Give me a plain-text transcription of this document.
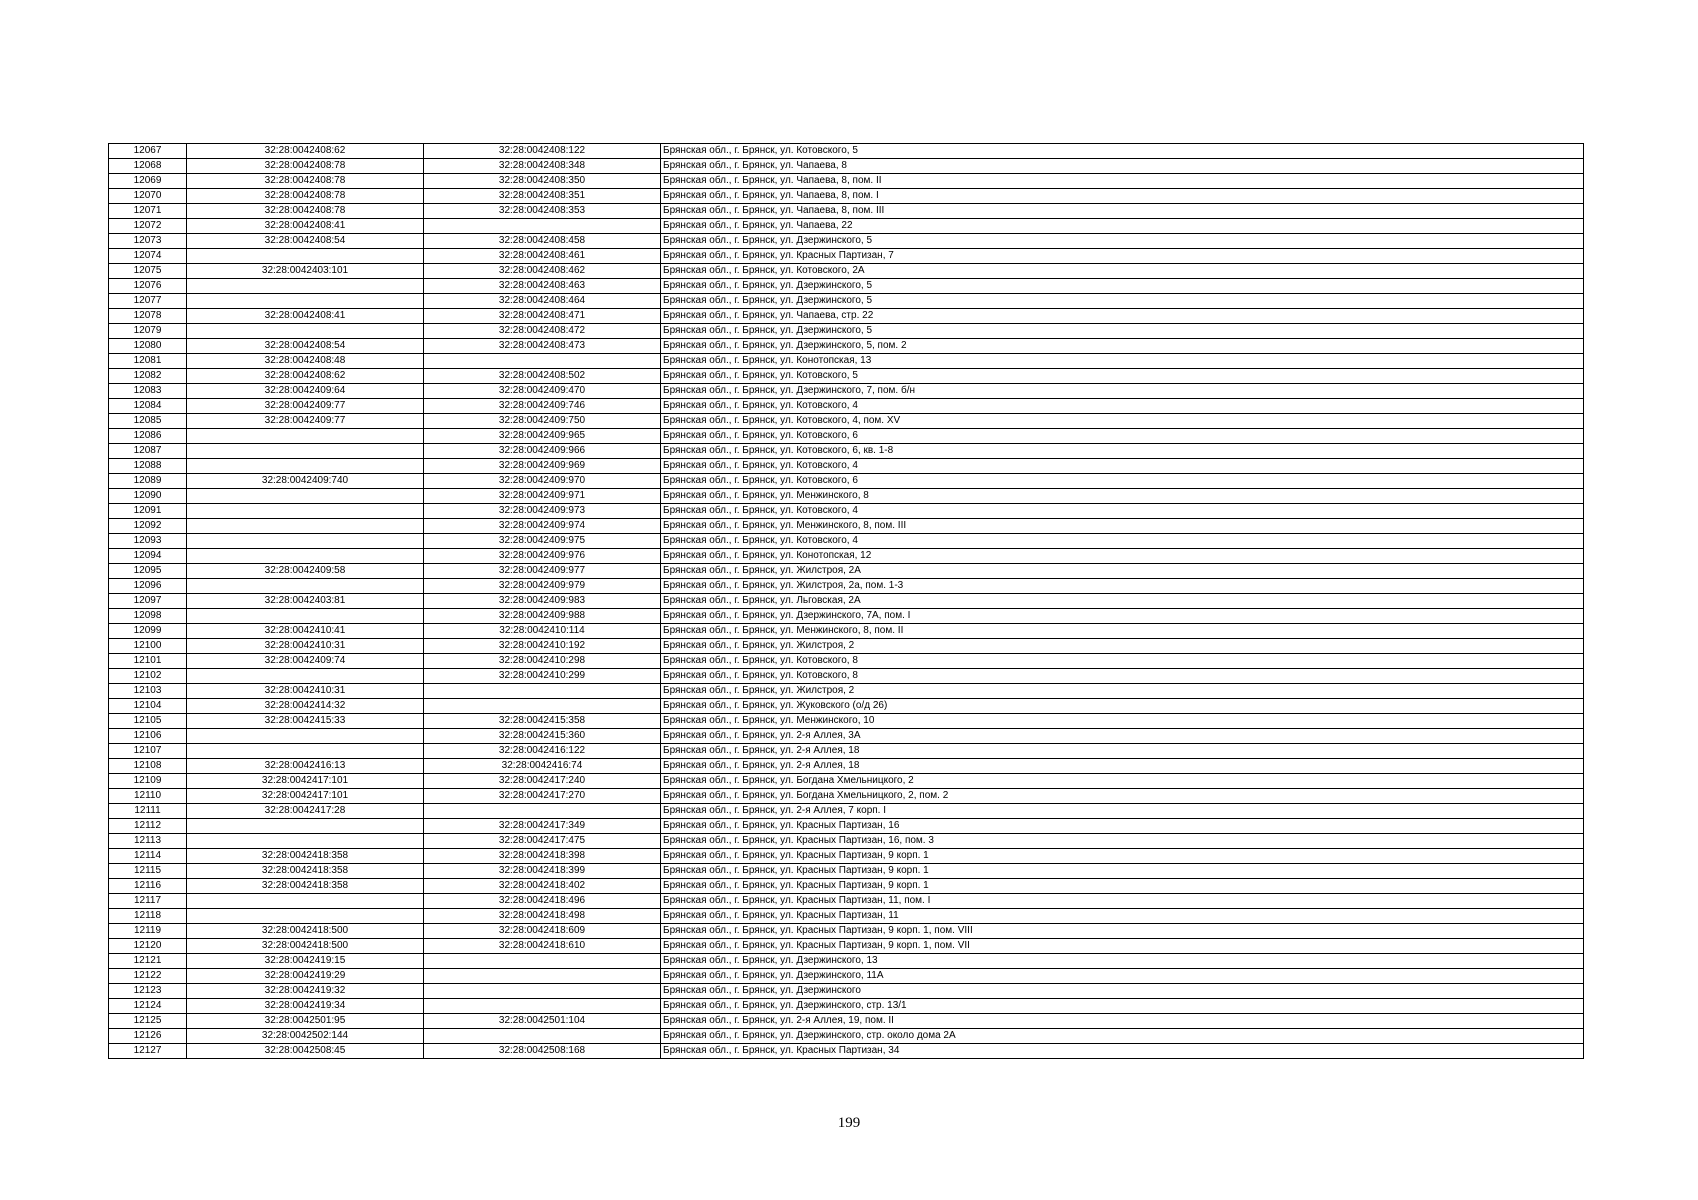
12067	32:28:0042408:62	32:28:0042408:122	Брянская обл., г. Брянск, ул. Котовского, 5
12068	32:28:0042408:78	32:28:0042408:348	Брянская обл., г. Брянск, ул. Чапаева, 8
12069	32:28:0042408:78	32:28:0042408:350	Брянская обл., г. Брянск, ул. Чапаева, 8, пом. II
12070	32:28:0042408:78	32:28:0042408:351	Брянская обл., г. Брянск, ул. Чапаева, 8, пом. I
12071	32:28:0042408:78	32:28:0042408:353	Брянская обл., г. Брянск, ул. Чапаева, 8, пом. III
12072	32:28:0042408:41		Брянская обл., г. Брянск, ул. Чапаева, 22
12073	32:28:0042408:54	32:28:0042408:458	Брянская обл., г. Брянск, ул. Дзержинского, 5
12074		32:28:0042408:461	Брянская обл., г. Брянск, ул. Красных Партизан, 7
12075	32:28:0042403:101	32:28:0042408:462	Брянская обл., г. Брянск, ул. Котовского, 2А
12076		32:28:0042408:463	Брянская обл., г. Брянск, ул. Дзержинского, 5
12077		32:28:0042408:464	Брянская обл., г. Брянск, ул. Дзержинского, 5
12078	32:28:0042408:41	32:28:0042408:471	Брянская обл., г. Брянск, ул. Чапаева, стр. 22
12079		32:28:0042408:472	Брянская обл., г. Брянск, ул. Дзержинского, 5
12080	32:28:0042408:54	32:28:0042408:473	Брянская обл., г. Брянск, ул. Дзержинского, 5, пом. 2
12081	32:28:0042408:48		Брянская обл., г. Брянск, ул. Конотопская, 13
12082	32:28:0042408:62	32:28:0042408:502	Брянская обл., г. Брянск, ул. Котовского, 5
12083	32:28:0042409:64	32:28:0042409:470	Брянская обл., г. Брянск, ул. Дзержинского, 7, пом. б/н
12084	32:28:0042409:77	32:28:0042409:746	Брянская обл., г. Брянск, ул. Котовского, 4
12085	32:28:0042409:77	32:28:0042409:750	Брянская обл., г. Брянск, ул. Котовского, 4, пом. XV
12086		32:28:0042409:965	Брянская обл., г. Брянск, ул. Котовского, 6
12087		32:28:0042409:966	Брянская обл., г. Брянск, ул. Котовского, 6, кв. 1-8
12088		32:28:0042409:969	Брянская обл., г. Брянск, ул. Котовского, 4
12089	32:28:0042409:740	32:28:0042409:970	Брянская обл., г. Брянск, ул. Котовского, 6
12090		32:28:0042409:971	Брянская обл., г. Брянск, ул. Менжинского, 8
12091		32:28:0042409:973	Брянская обл., г. Брянск, ул. Котовского, 4
12092		32:28:0042409:974	Брянская обл., г. Брянск, ул. Менжинского, 8, пом. III
12093		32:28:0042409:975	Брянская обл., г. Брянск, ул. Котовского, 4
12094		32:28:0042409:976	Брянская обл., г. Брянск, ул. Конотопская, 12
12095	32:28:0042409:58	32:28:0042409:977	Брянская обл., г. Брянск, ул. Жилстроя, 2А
12096		32:28:0042409:979	Брянская обл., г. Брянск, ул. Жилстроя, 2а, пом. 1-3
12097	32:28:0042403:81	32:28:0042409:983	Брянская обл., г. Брянск, ул. Льговская, 2А
12098		32:28:0042409:988	Брянская обл., г. Брянск, ул. Дзержинского, 7А, пом. I
12099	32:28:0042410:41	32:28:0042410:114	Брянская обл., г. Брянск, ул. Менжинского, 8, пом. II
12100	32:28:0042410:31	32:28:0042410:192	Брянская обл., г. Брянск, ул. Жилстроя, 2
12101	32:28:0042409:74	32:28:0042410:298	Брянская обл., г. Брянск, ул. Котовского, 8
12102		32:28:0042410:299	Брянская обл., г. Брянск, ул. Котовского, 8
12103	32:28:0042410:31		Брянская обл., г. Брянск, ул. Жилстроя, 2
12104	32:28:0042414:32		Брянская обл., г. Брянск, ул. Жуковского (о/д 26)
12105	32:28:0042415:33	32:28:0042415:358	Брянская обл., г. Брянск, ул. Менжинского, 10
12106		32:28:0042415:360	Брянская обл., г. Брянск, ул. 2-я Аллея, 3А
12107		32:28:0042416:122	Брянская обл., г. Брянск, ул. 2-я Аллея, 18
12108	32:28:0042416:13	32:28:0042416:74	Брянская обл., г. Брянск, ул. 2-я Аллея, 18
12109	32:28:0042417:101	32:28:0042417:240	Брянская обл., г. Брянск, ул. Богдана Хмельницкого, 2
12110	32:28:0042417:101	32:28:0042417:270	Брянская обл., г. Брянск, ул. Богдана Хмельницкого, 2, пом. 2
12111	32:28:0042417:28		Брянская обл., г. Брянск, ул. 2-я Аллея, 7 корп. I
12112		32:28:0042417:349	Брянская обл., г. Брянск, ул. Красных Партизан, 16
12113		32:28:0042417:475	Брянская обл., г. Брянск, ул. Красных Партизан, 16, пом. 3
12114	32:28:0042418:358	32:28:0042418:398	Брянская обл., г. Брянск, ул. Красных Партизан, 9 корп. 1
12115	32:28:0042418:358	32:28:0042418:399	Брянская обл., г. Брянск, ул. Красных Партизан, 9 корп. 1
12116	32:28:0042418:358	32:28:0042418:402	Брянская обл., г. Брянск, ул. Красных Партизан, 9 корп. 1
12117		32:28:0042418:496	Брянская обл., г. Брянск, ул. Красных Партизан, 11, пом. I
12118		32:28:0042418:498	Брянская обл., г. Брянск, ул. Красных Партизан, 11
12119	32:28:0042418:500	32:28:0042418:609	Брянская обл., г. Брянск, ул. Красных Партизан, 9 корп. 1, пом. VIII
12120	32:28:0042418:500	32:28:0042418:610	Брянская обл., г. Брянск, ул. Красных Партизан, 9 корп. 1, пом. VII
12121	32:28:0042419:15		Брянская обл., г. Брянск, ул. Дзержинского, 13
12122	32:28:0042419:29		Брянская обл., г. Брянск, ул. Дзержинского, 11А
12123	32:28:0042419:32		Брянская обл., г. Брянск, ул. Дзержинского
12124	32:28:0042419:34		Брянская обл., г. Брянск, ул. Дзержинского, стр. 13/1
12125	32:28:0042501:95	32:28:0042501:104	Брянская обл., г. Брянск, ул. 2-я Аллея, 19, пом. II
12126	32:28:0042502:144		Брянская обл., г. Брянск, ул. Дзержинского, стр. около дома 2А
12127	32:28:0042508:45	32:28:0042508:168	Брянская обл., г. Брянск, ул. Красных Партизан, 34
199
